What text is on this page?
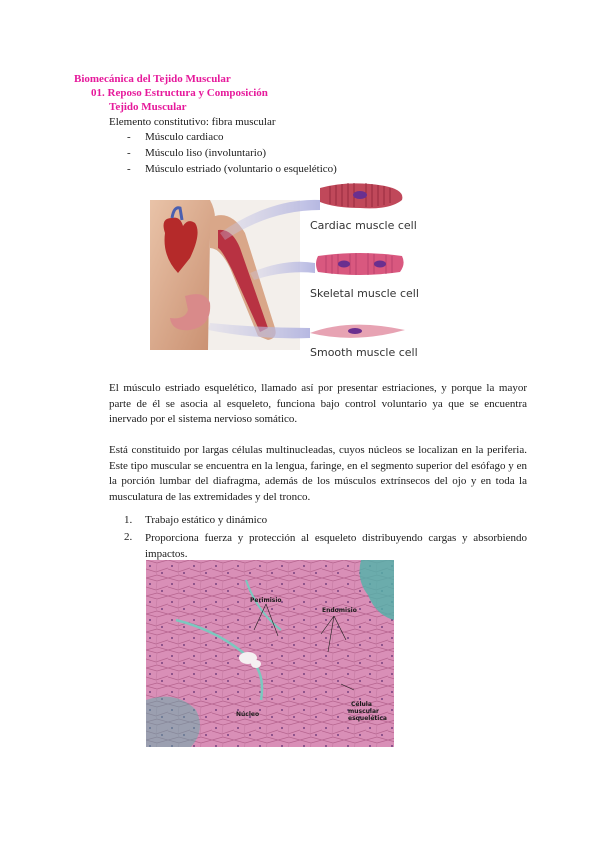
Biomecánica del Tejido Muscular
01. Reposo Estructura y Composición
Tejido Muscular
Elemento constitutivo: fibra muscular
- Músculo cardiaco
- Músculo liso (involuntario)
- Músculo estriado (voluntario o esquelético)
Cardiac muscle cell
Skeletal muscle cell
Smooth muscle cell
El músculo estriado esquelético, llamado así por presentar estriaciones, y porque la mayor parte de él se asocia al esqueleto, funciona bajo control voluntario ya que se encuentra inervado por el sistema nervioso somático.
Está constituido por largas células multinucleadas, cuyos núcleos se localizan en la periferia. Este tipo muscular se encuentra en la lengua, faringe, en el segmento superior del esófago y en la porción lumbar del diafragma, además de los músculos extrínsecos del ojo y en toda la musculatura de las extremidades y del tronco.
1. Trabajo estático y dinámico
2. Proporciona fuerza y protección al esqueleto distribuyendo cargas y absorbiendo impactos.
Perimisio
Endomisio
Célula
muscular
esquelética
Núcleo
